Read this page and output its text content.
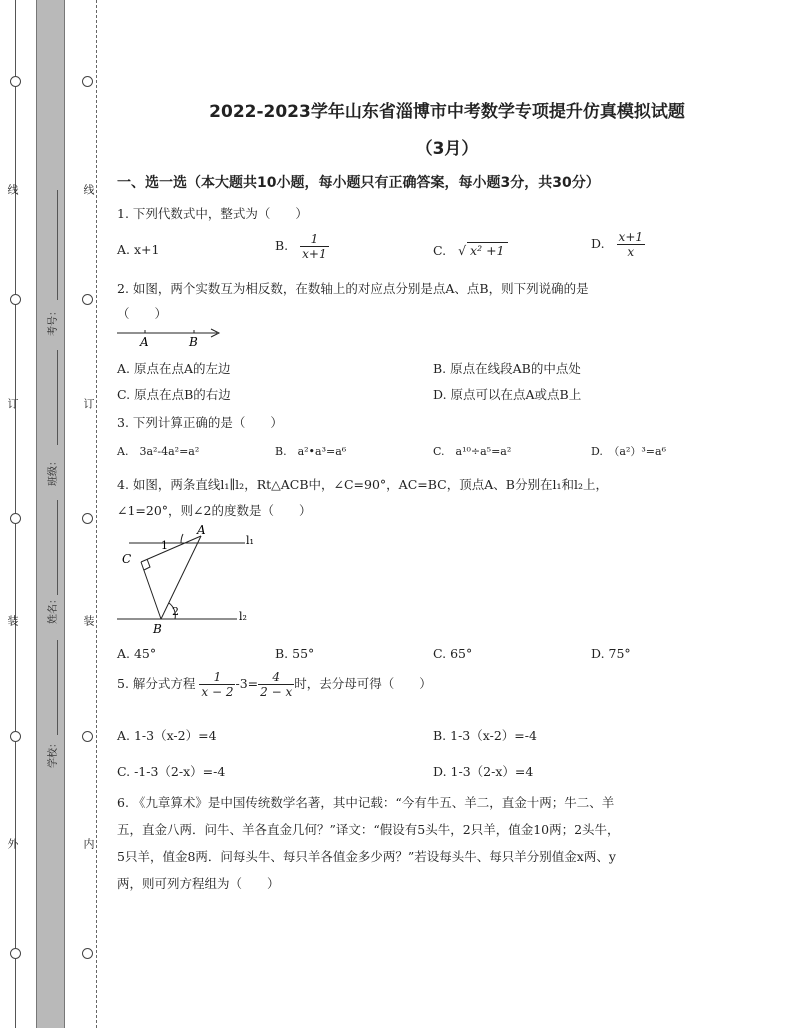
线
订
装
外
线
订
装
内
考号：
班级：
姓名：
学校：
2022-2023学年山东省淄博市中考数学专项提升仿真模拟试题
（3月）
一、选一选（本大题共10小题，每小题只有正确答案，每小题3分，共30分）
1. 下列代数式中，整式为（　　）
A. x+1	B. $\frac{1}{x+1}$	C. √ x² +1	D. $\frac{x+1}{x}$
2. 如图，两个实数互为相反数，在数轴上的对应点分别是点A、点B，则下列说确的是
（　　）
A	B
A. 原点在点A的左边	B. 原点在线段AB的中点处
C. 原点在点B的右边	D. 原点可以在点A或点B上
3. 下列计算正确的是（　　）
A.　3a²-4a²=a²	B.　a²•a³=a⁶	C.　a¹⁰÷a⁵=a²	D.　（a²）³=a⁶
4. 如图，两条直线l₁∥l₂，Rt△ACB中，∠C=90°，AC=BC，顶点A、B分别在l₁和l₂上，
∠1=20°，则∠2的度数是（　　）
A
C
B
1
2
l₁
l₂
A. 45°	B. 55°	C. 65°	D. 75°
5. 解分式方程 $\frac{1}{x - 2} -3= \frac{4}{2 - x}$ 时，去分母可得（　　）
A. 1-3（x-2）=4	B. 1-3（x-2）=-4
C. -1-3（2-x）=-4	D. 1-3（2-x）=4
6. 《九章算术》是中国传统数学名著，其中记载：“今有牛五、羊二，直金十两；牛二、羊
五，直金八两．问牛、羊各直金几何？”译文：“假设有5头牛，2只羊，值金10两；2头牛，
5只羊，值金8两．问每头牛、每只羊各值金多少两？”若设每头牛、每只羊分别值金x两、y
两，则可列方程组为（　　）
